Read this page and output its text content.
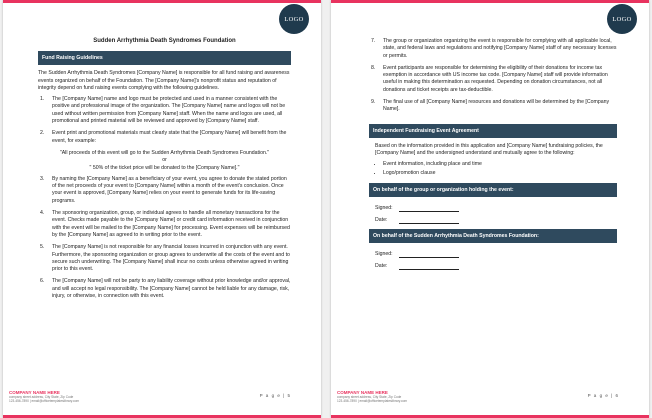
LOGO
Sudden Arrhythmia Death Syndromes Foundation
Fund Raising Guidelines

The Sudden Arrhythmia Death Syndromes [Company Name] is responsible for all fund raising and awareness events organized on behalf of the Foundation. The [Company Name]'s nonprofit status and reputation of integrity depend on fund raising events complying with the following guidelines.

1.	The [Company Name] name and logo must be protected and used in a manner consistent with the positive and professional image of the organization. The [Company Name] name and logos will not be used without written permission from [Company Name] staff. When the name and logos are used, all promotional and printed material will be reviewed and approved by [Company Name] staff.
2.	Event print and promotional materials must clearly state that the [Company Name] will benefit from the event, for example:
"All proceeds of this event will go to the Sudden Arrhythmia Death Syndromes Foundation."
or
" 50% of the ticket price will be donated to the [Company Name]."
3.	By naming the [Company Name] as a beneficiary of your event, you agree to donate the stated portion of the net proceeds of your event to [Company Name] within a month of the event's conclusion. Once your event is approved, [Company Name] relies on your event to generate funds for its life-saving programs.
4.	The sponsoring organization, group, or individual agrees to handle all monetary transactions for the event. Checks made payable to the [Company Name] or credit card information received in conjunction with the event will be mailed to the [Company Name] for processing. Event expenses will be reimbursed by the [Company Name] as agreed to in writing prior to the event.
5.	The [Company Name] is not responsible for any financial losses incurred in conjunction with any event. Furthermore, the sponsoring organization or group agrees to underwrite all the costs of the event and to secure such underwriting. The [Company Name] shall incur no costs unless otherwise agreed in writing prior to this event.
6.	The [Company Name] will not be party to any liability coverage without prior knowledge and/or approval, and will accept no legal responsibility. The [Company Name] cannot be held liable for any damage, risk, injury, or otherwise, in connection with this event.
COMPANY NAME HERE
company street address, City State, Zip Code
123-456-7890 | email@officetemplateslibrary.com
P a g e | 5
LOGO
7.	The group or organization organizing the event is responsible for complying with all applicable local, state, and federal laws and regulations and notifying [Company Name] staff of any necessary licenses or permits.
8.	Event participants are responsible for determining the eligibility of their donations for income tax exemption in accordance with US income tax code. [Company Name] staff will provide information useful in making this determination as requested. Depending on donation circumstances, not all donations and ticket receipts are tax-deductible.
9.	The final use of all [Company Name] resources and donations will be determined by the [Company Name].
Independent Fundraising Event Agreement

Based on the information provided in this application and [Company Name] fundraising policies, the [Company Name] and the undersigned understand and mutually agree to the following:

• Event information, including place and time
• Logo/promotion clause
On behalf of the group or organization holding the event:
Signed:
Date:
On behalf of the Sudden Arrhythmia Death Syndromes Foundation:
Signed:
Date:
COMPANY NAME HERE
company street address, City State, Zip Code
123-456-7890 | email@officetemplateslibrary.com
P a g e | 6
